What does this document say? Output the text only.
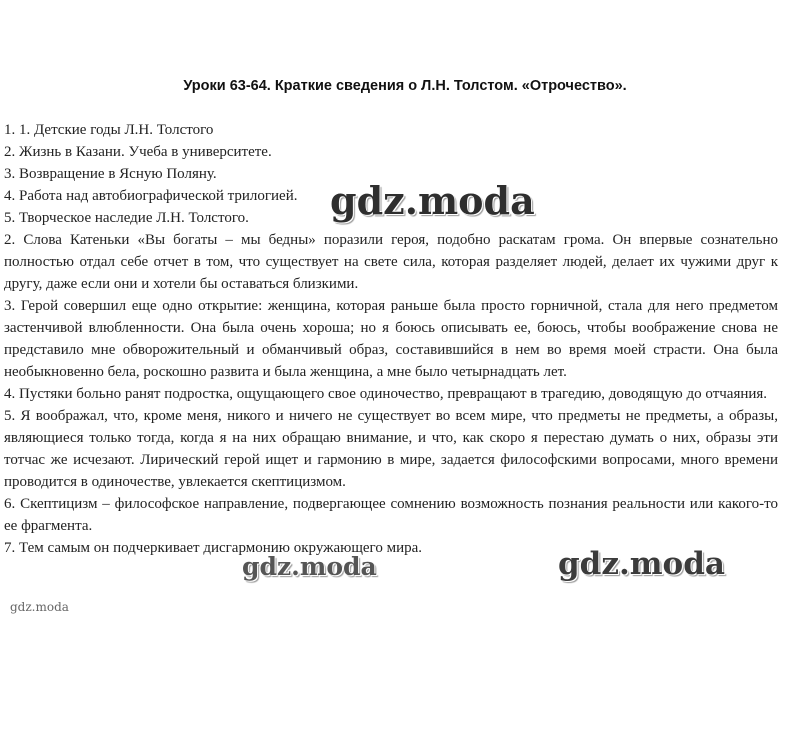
Уроки 63-64. Краткие сведения о Л.Н. Толстом. «Отрочество».
1. 1. Детские годы Л.Н. Толстого
2. Жизнь в Казани. Учеба в университете.
3. Возвращение в Ясную Поляну.
4. Работа над автобиографической трилогией.
5. Творческое наследие Л.Н. Толстого.
2. Слова Катеньки «Вы богаты – мы бедны» поразили героя, подобно раскатам грома. Он впервые сознательно полностью отдал себе отчет в том, что существует на свете сила, которая разделяет людей, делает их чужими друг к другу, даже если они и хотели бы оставаться близкими.
3. Герой совершил еще одно открытие: женщина, которая раньше была просто горничной, стала для него предметом застенчивой влюбленности. Она была очень хороша; но я боюсь описывать ее, боюсь, чтобы воображение снова не представило мне обворожительный и обманчивый образ, составившийся в нем во время моей страсти. Она была необыкновенно бела, роскошно развита и была женщина, а мне было четырнадцать лет.
4. Пустяки больно ранят подростка, ощущающего свое одиночество, превращают в трагедию, доводящую до отчаяния.
5. Я воображал, что, кроме меня, никого и ничего не существует во всем мире, что предметы не предметы, а образы, являющиеся только тогда, когда я на них обращаю внимание, и что, как скоро я перестаю думать о них, образы эти тотчас же исчезают. Лирический герой ищет и гармонию в мире, задается философскими вопросами, много времени проводится в одиночестве, увлекается скептицизмом.
6. Скептицизм – философское направление, подвергающее сомнению возможность познания реальности или какого-то ее фрагмента.
7. Тем самым он подчеркивает дисгармонию окружающего мира.
gdz.moda
gdz.moda	gdz.moda
gdz.moda
